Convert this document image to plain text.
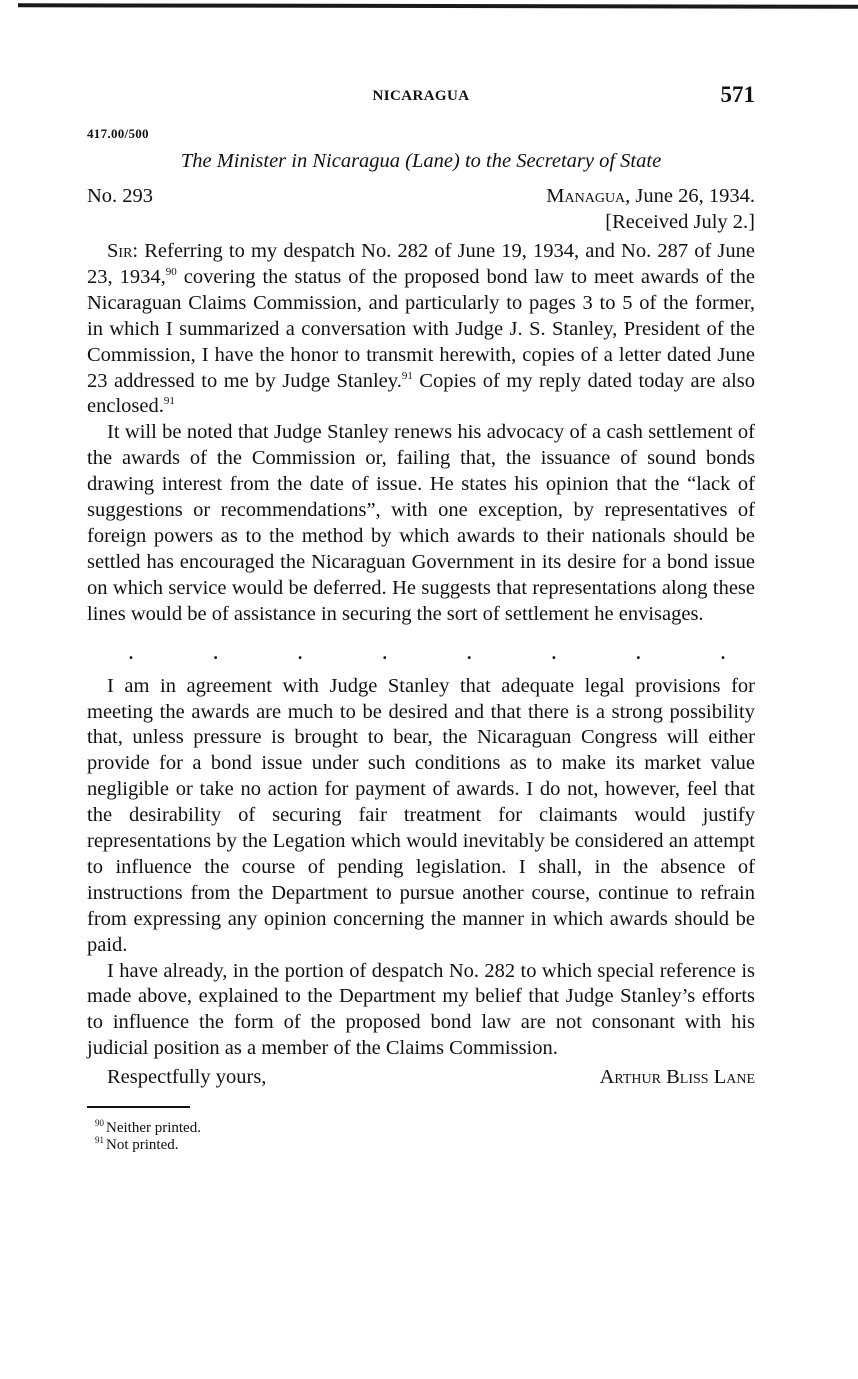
NICARAGUA	571
417.00/500
The Minister in Nicaragua (Lane) to the Secretary of State
No. 293	Managua, June 26, 1934.
[Received July 2.]

Sir: Referring to my despatch No. 282 of June 19, 1934, and No. 287 of June 23, 1934,90 covering the status of the proposed bond law to meet awards of the Nicaraguan Claims Commission, and particularly to pages 3 to 5 of the former, in which I summarized a conversation with Judge J. S. Stanley, President of the Commission, I have the honor to transmit herewith, copies of a letter dated June 23 addressed to me by Judge Stanley.$^{91}$ Copies of my reply dated today are also enclosed.$^{91}$

It will be noted that Judge Stanley renews his advocacy of a cash settlement of the awards of the Commission or, failing that, the issuance of sound bonds drawing interest from the date of issue. He states his opinion that the “lack of suggestions or recommendations”, with one exception, by representatives of foreign powers as to the method by which awards to their nationals should be settled has encouraged the Nicaraguan Government in its desire for a bond issue on which service would be deferred. He suggests that representations along these lines would be of assistance in securing the sort of settlement he envisages.

.	.	.	.	.	.	.	.

I am in agreement with Judge Stanley that adequate legal provisions for meeting the awards are much to be desired and that there is a strong possibility that, unless pressure is brought to bear, the Nicaraguan Congress will either provide for a bond issue under such conditions as to make its market value negligible or take no action for payment of awards. I do not, however, feel that the desirability of securing fair treatment for claimants would justify representations by the Legation which would inevitably be considered an attempt to influence the course of pending legislation. I shall, in the absence of instructions from the Department to pursue another course, continue to refrain from expressing any opinion concerning the manner in which awards should be paid.

I have already, in the portion of despatch No. 282 to which special reference is made above, explained to the Department my belief that Judge Stanley’s efforts to influence the form of the proposed bond law are not consonant with his judicial position as a member of the Claims Commission.

Respectfully yours,	Arthur Bliss Lane
$^{90}$ Neither printed.
$^{91}$ Not printed.
